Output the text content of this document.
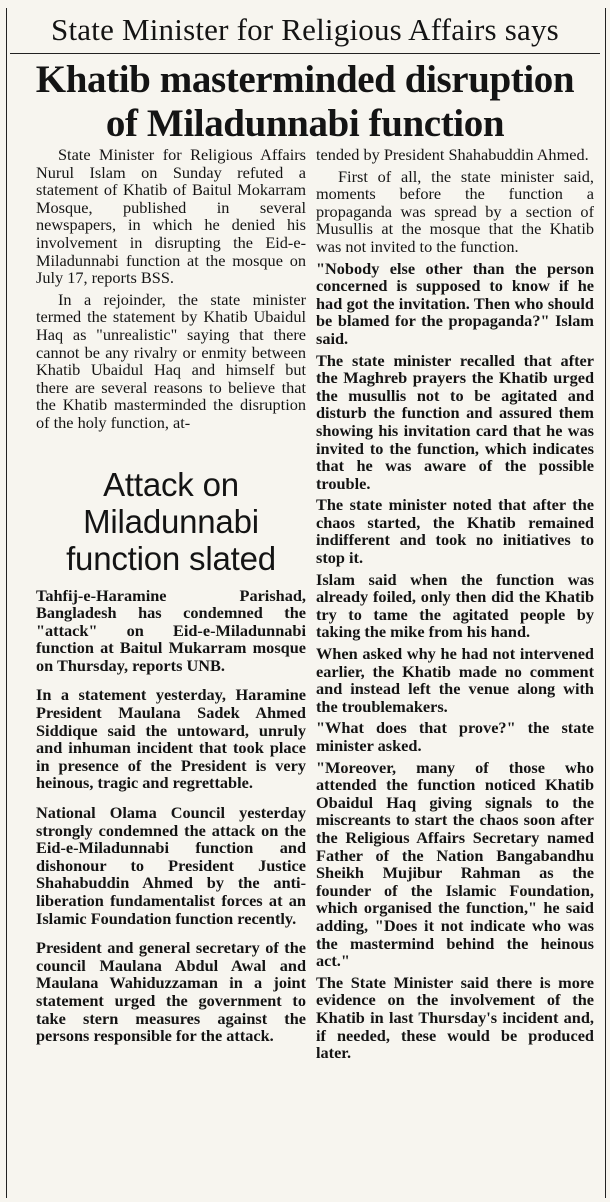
State Minister for Religious Affairs says
Khatib masterminded disruption
of Miladunnabi function

State Minister for Religious Affairs Nurul Islam on Sunday refuted a statement of Khatib of Baitul Mokarram Mosque, published in several newspapers, in which he denied his involvement in disrupting the Eid-e-Miladunnabi function at the mosque on July 17, reports BSS.

In a rejoinder, the state minister termed the statement by Khatib Ubaidul Haq as "unrealistic" saying that there cannot be any rivalry or enmity between Khatib Ubaidul Haq and himself but there are several reasons to believe that the Khatib masterminded the disruption of the holy function, at-

Attack on Miladunnabi function slated

Tahfij-e-Haramine Parishad, Bangladesh has condemned the "attack" on Eid-e-Miladunnabi function at Baitul Mukarram mosque on Thursday, reports UNB.

In a statement yesterday, Haramine President Maulana Sadek Ahmed Siddique said the untoward, unruly and inhuman incident that took place in presence of the President is very heinous, tragic and regrettable.

National Olama Council yesterday strongly condemned the attack on the Eid-e-Miladunnabi function and dishonour to President Justice Shahabuddin Ahmed by the anti-liberation fundamentalist forces at an Islamic Foundation function recently.

President and general secretary of the council Maulana Abdul Awal and Maulana Wahiduzzaman in a joint statement urged the government to take stern measures against the persons responsible for the attack.

tended by President Shahabuddin Ahmed.

First of all, the state minister said, moments before the function a propaganda was spread by a section of Musullis at the mosque that the Khatib was not invited to the function.

"Nobody else other than the person concerned is supposed to know if he had got the invitation. Then who should be blamed for the propaganda?" Islam said.

The state minister recalled that after the Maghreb prayers the Khatib urged the musullis not to be agitated and disturb the function and assured them showing his invitation card that he was invited to the function, which indicates that he was aware of the possible trouble.

The state minister noted that after the chaos started, the Khatib remained indifferent and took no initiatives to stop it.

Islam said when the function was already foiled, only then did the Khatib try to tame the agitated people by taking the mike from his hand.

When asked why he had not intervened earlier, the Khatib made no comment and instead left the venue along with the troublemakers.

"What does that prove?" the state minister asked.

"Moreover, many of those who attended the function noticed Khatib Obaidul Haq giving signals to the miscreants to start the chaos soon after the Religious Affairs Secretary named Father of the Nation Bangabandhu Sheikh Mujibur Rahman as the founder of the Islamic Foundation, which organised the function," he said adding, "Does it not indicate who was the mastermind behind the heinous act."

The State Minister said there is more evidence on the involvement of the Khatib in last Thursday's incident and, if needed, these would be produced later.
